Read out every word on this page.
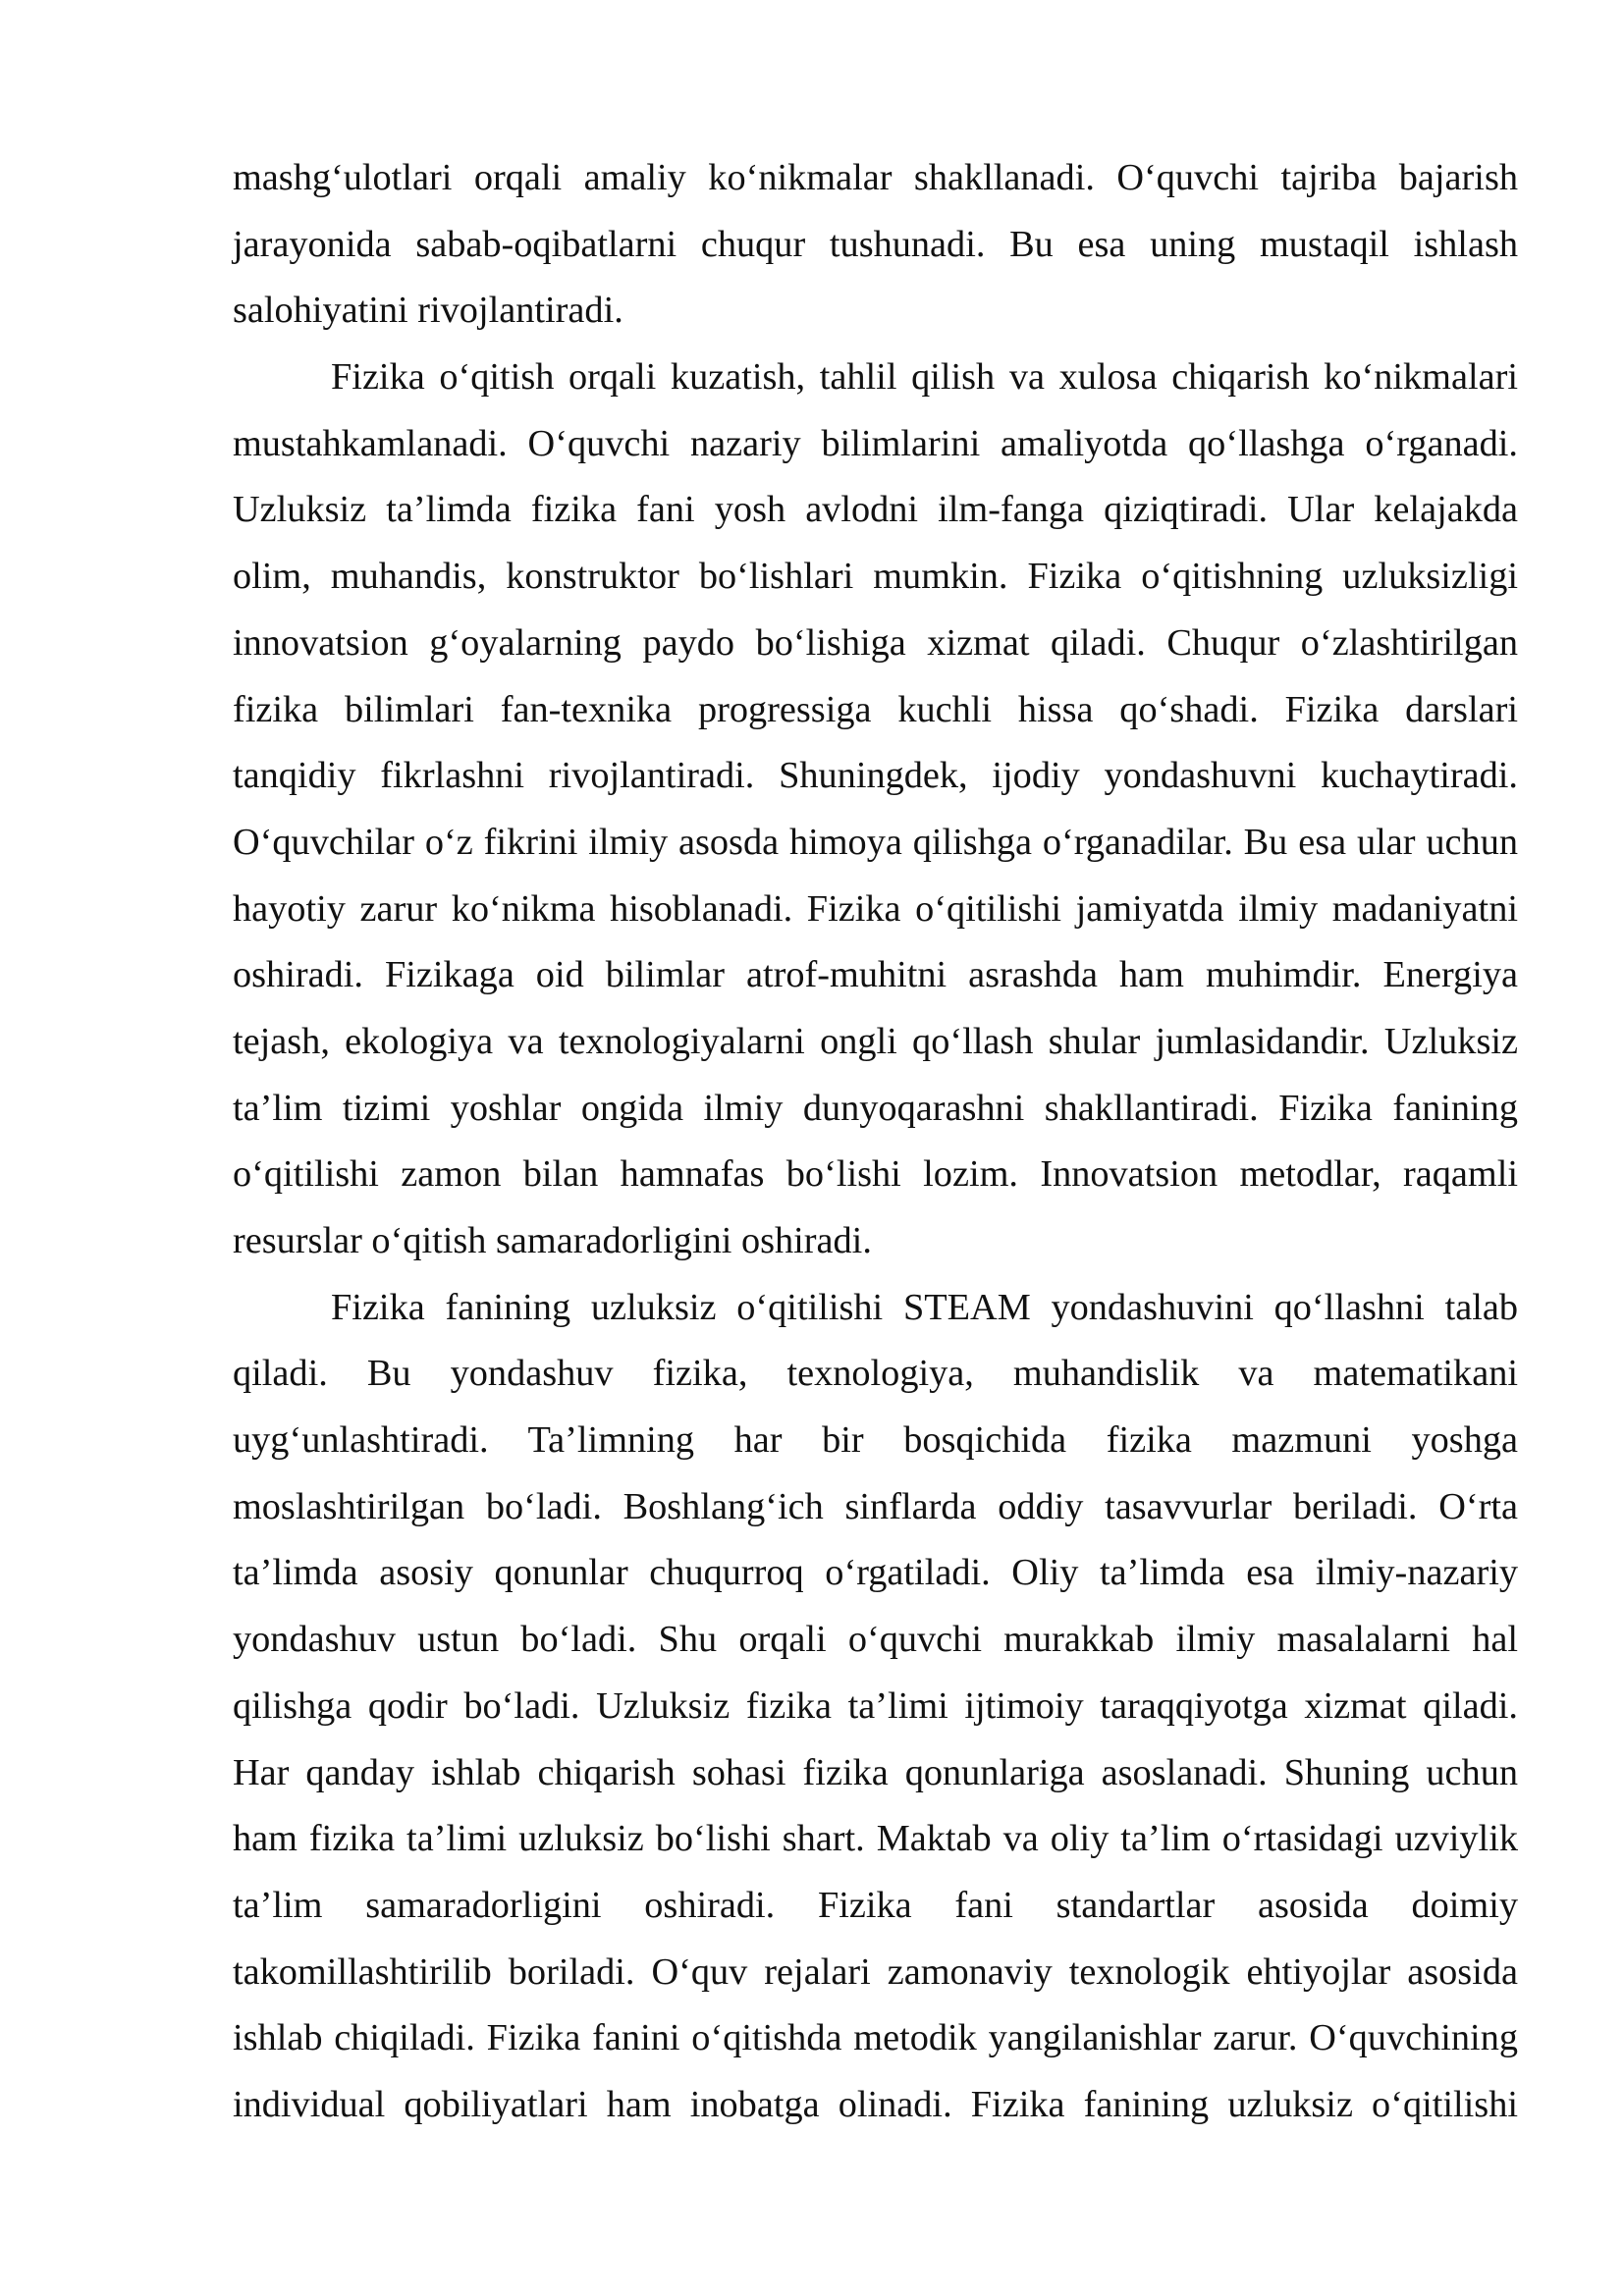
mashg‘ulotlari orqali amaliy ko‘nikmalar shakllanadi. O‘quvchi tajriba bajarish
jarayonida sabab-oqibatlarni chuqur tushunadi. Bu esa uning mustaqil ishlash
salohiyatini rivojlantiradi.
Fizika o‘qitish orqali kuzatish, tahlil qilish va xulosa chiqarish ko‘nikmalari
mustahkamlanadi. O‘quvchi nazariy bilimlarini amaliyotda qo‘llashga o‘rganadi.
Uzluksiz ta’limda fizika fani yosh avlodni ilm-fanga qiziqtiradi. Ular kelajakda
olim, muhandis, konstruktor bo‘lishlari mumkin. Fizika o‘qitishning uzluksizligi
innovatsion g‘oyalarning paydo bo‘lishiga xizmat qiladi. Chuqur o‘zlashtirilgan
fizika bilimlari fan-texnika progressiga kuchli hissa qo‘shadi. Fizika darslari
tanqidiy fikrlashni rivojlantiradi. Shuningdek, ijodiy yondashuvni kuchaytiradi.
O‘quvchilar o‘z fikrini ilmiy asosda himoya qilishga o‘rganadilar. Bu esa ular uchun
hayotiy zarur ko‘nikma hisoblanadi. Fizika o‘qitilishi jamiyatda ilmiy madaniyatni
oshiradi. Fizikaga oid bilimlar atrof-muhitni asrashda ham muhimdir. Energiya
tejash, ekologiya va texnologiyalarni ongli qo‘llash shular jumlasidandir. Uzluksiz
ta’lim tizimi yoshlar ongida ilmiy dunyoqarashni shakllantiradi. Fizika fanining
o‘qitilishi zamon bilan hamnafas bo‘lishi lozim. Innovatsion metodlar, raqamli
resurslar o‘qitish samaradorligini oshiradi.
Fizika fanining uzluksiz o‘qitilishi STEAM yondashuvini qo‘llashni talab
qiladi. Bu yondashuv fizika, texnologiya, muhandislik va matematikani
uyg‘unlashtiradi. Ta’limning har bir bosqichida fizika mazmuni yoshga
moslashtirilgan bo‘ladi. Boshlang‘ich sinflarda oddiy tasavvurlar beriladi. O‘rta
ta’limda asosiy qonunlar chuqurroq o‘rgatiladi. Oliy ta’limda esa ilmiy-nazariy
yondashuv ustun bo‘ladi. Shu orqali o‘quvchi murakkab ilmiy masalalarni hal
qilishga qodir bo‘ladi. Uzluksiz fizika ta’limi ijtimoiy taraqqiyotga xizmat qiladi.
Har qanday ishlab chiqarish sohasi fizika qonunlariga asoslanadi. Shuning uchun
ham fizika ta’limi uzluksiz bo‘lishi shart. Maktab va oliy ta’lim o‘rtasidagi uzviylik
ta’lim samaradorligini oshiradi. Fizika fani standartlar asosida doimiy
takomillashtirilib boriladi. O‘quv rejalari zamonaviy texnologik ehtiyojlar asosida
ishlab chiqiladi. Fizika fanini o‘qitishda metodik yangilanishlar zarur. O‘quvchining
individual qobiliyatlari ham inobatga olinadi. Fizika fanining uzluksiz o‘qitilishi
